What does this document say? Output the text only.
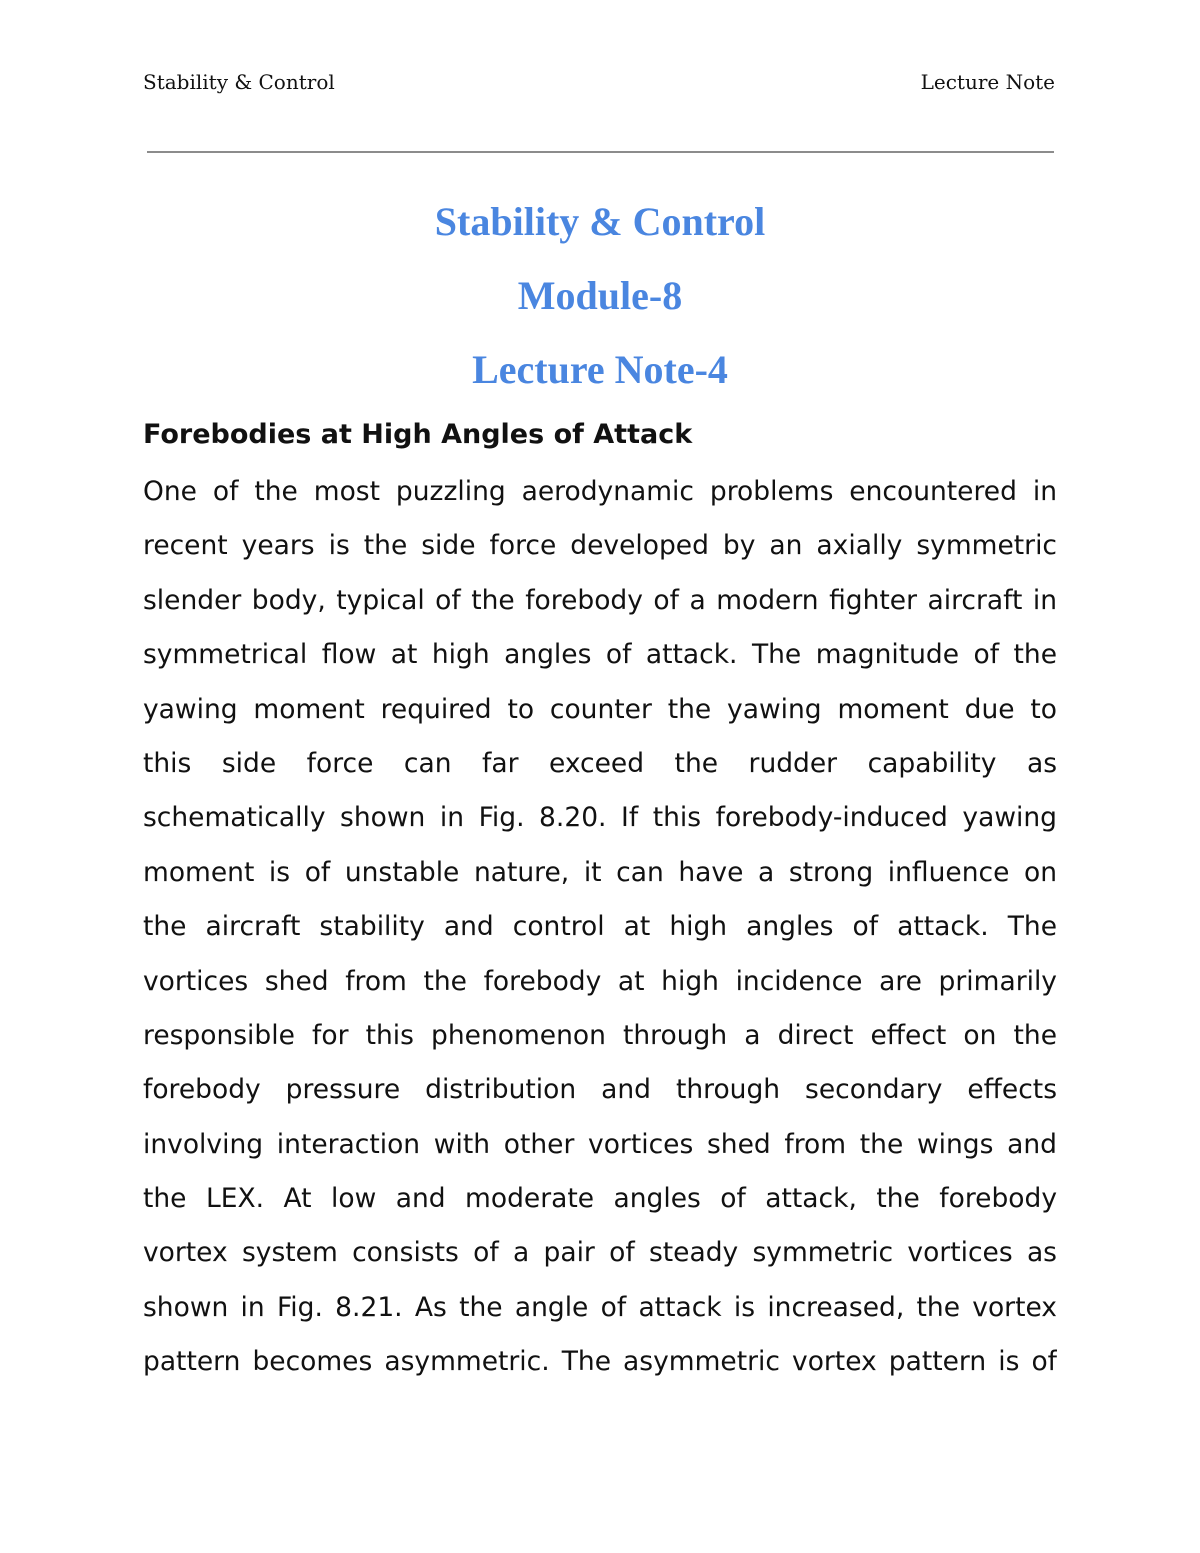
Stability & Control	Lecture Note
Stability & Control
Module-8
Lecture Note-4
Forebodies at High Angles of Attack
One of the most puzzling aerodynamic problems encountered in
recent years is the side force developed by an axially symmetric
slender body, typical of the forebody of a modern fighter aircraft in
symmetrical flow at high angles of attack. The magnitude of the
yawing moment required to counter the yawing moment due to
this side force can far exceed the rudder capability as
schematically shown in Fig. 8.20. If this forebody-induced yawing
moment is of unstable nature, it can have a strong influence on
the aircraft stability and control at high angles of attack. The
vortices shed from the forebody at high incidence are primarily
responsible for this phenomenon through a direct effect on the
forebody pressure distribution and through secondary effects
involving interaction with other vortices shed from the wings and
the LEX. At low and moderate angles of attack, the forebody
vortex system consists of a pair of steady symmetric vortices as
shown in Fig. 8.21. As the angle of attack is increased, the vortex
pattern becomes asymmetric. The asymmetric vortex pattern is of
